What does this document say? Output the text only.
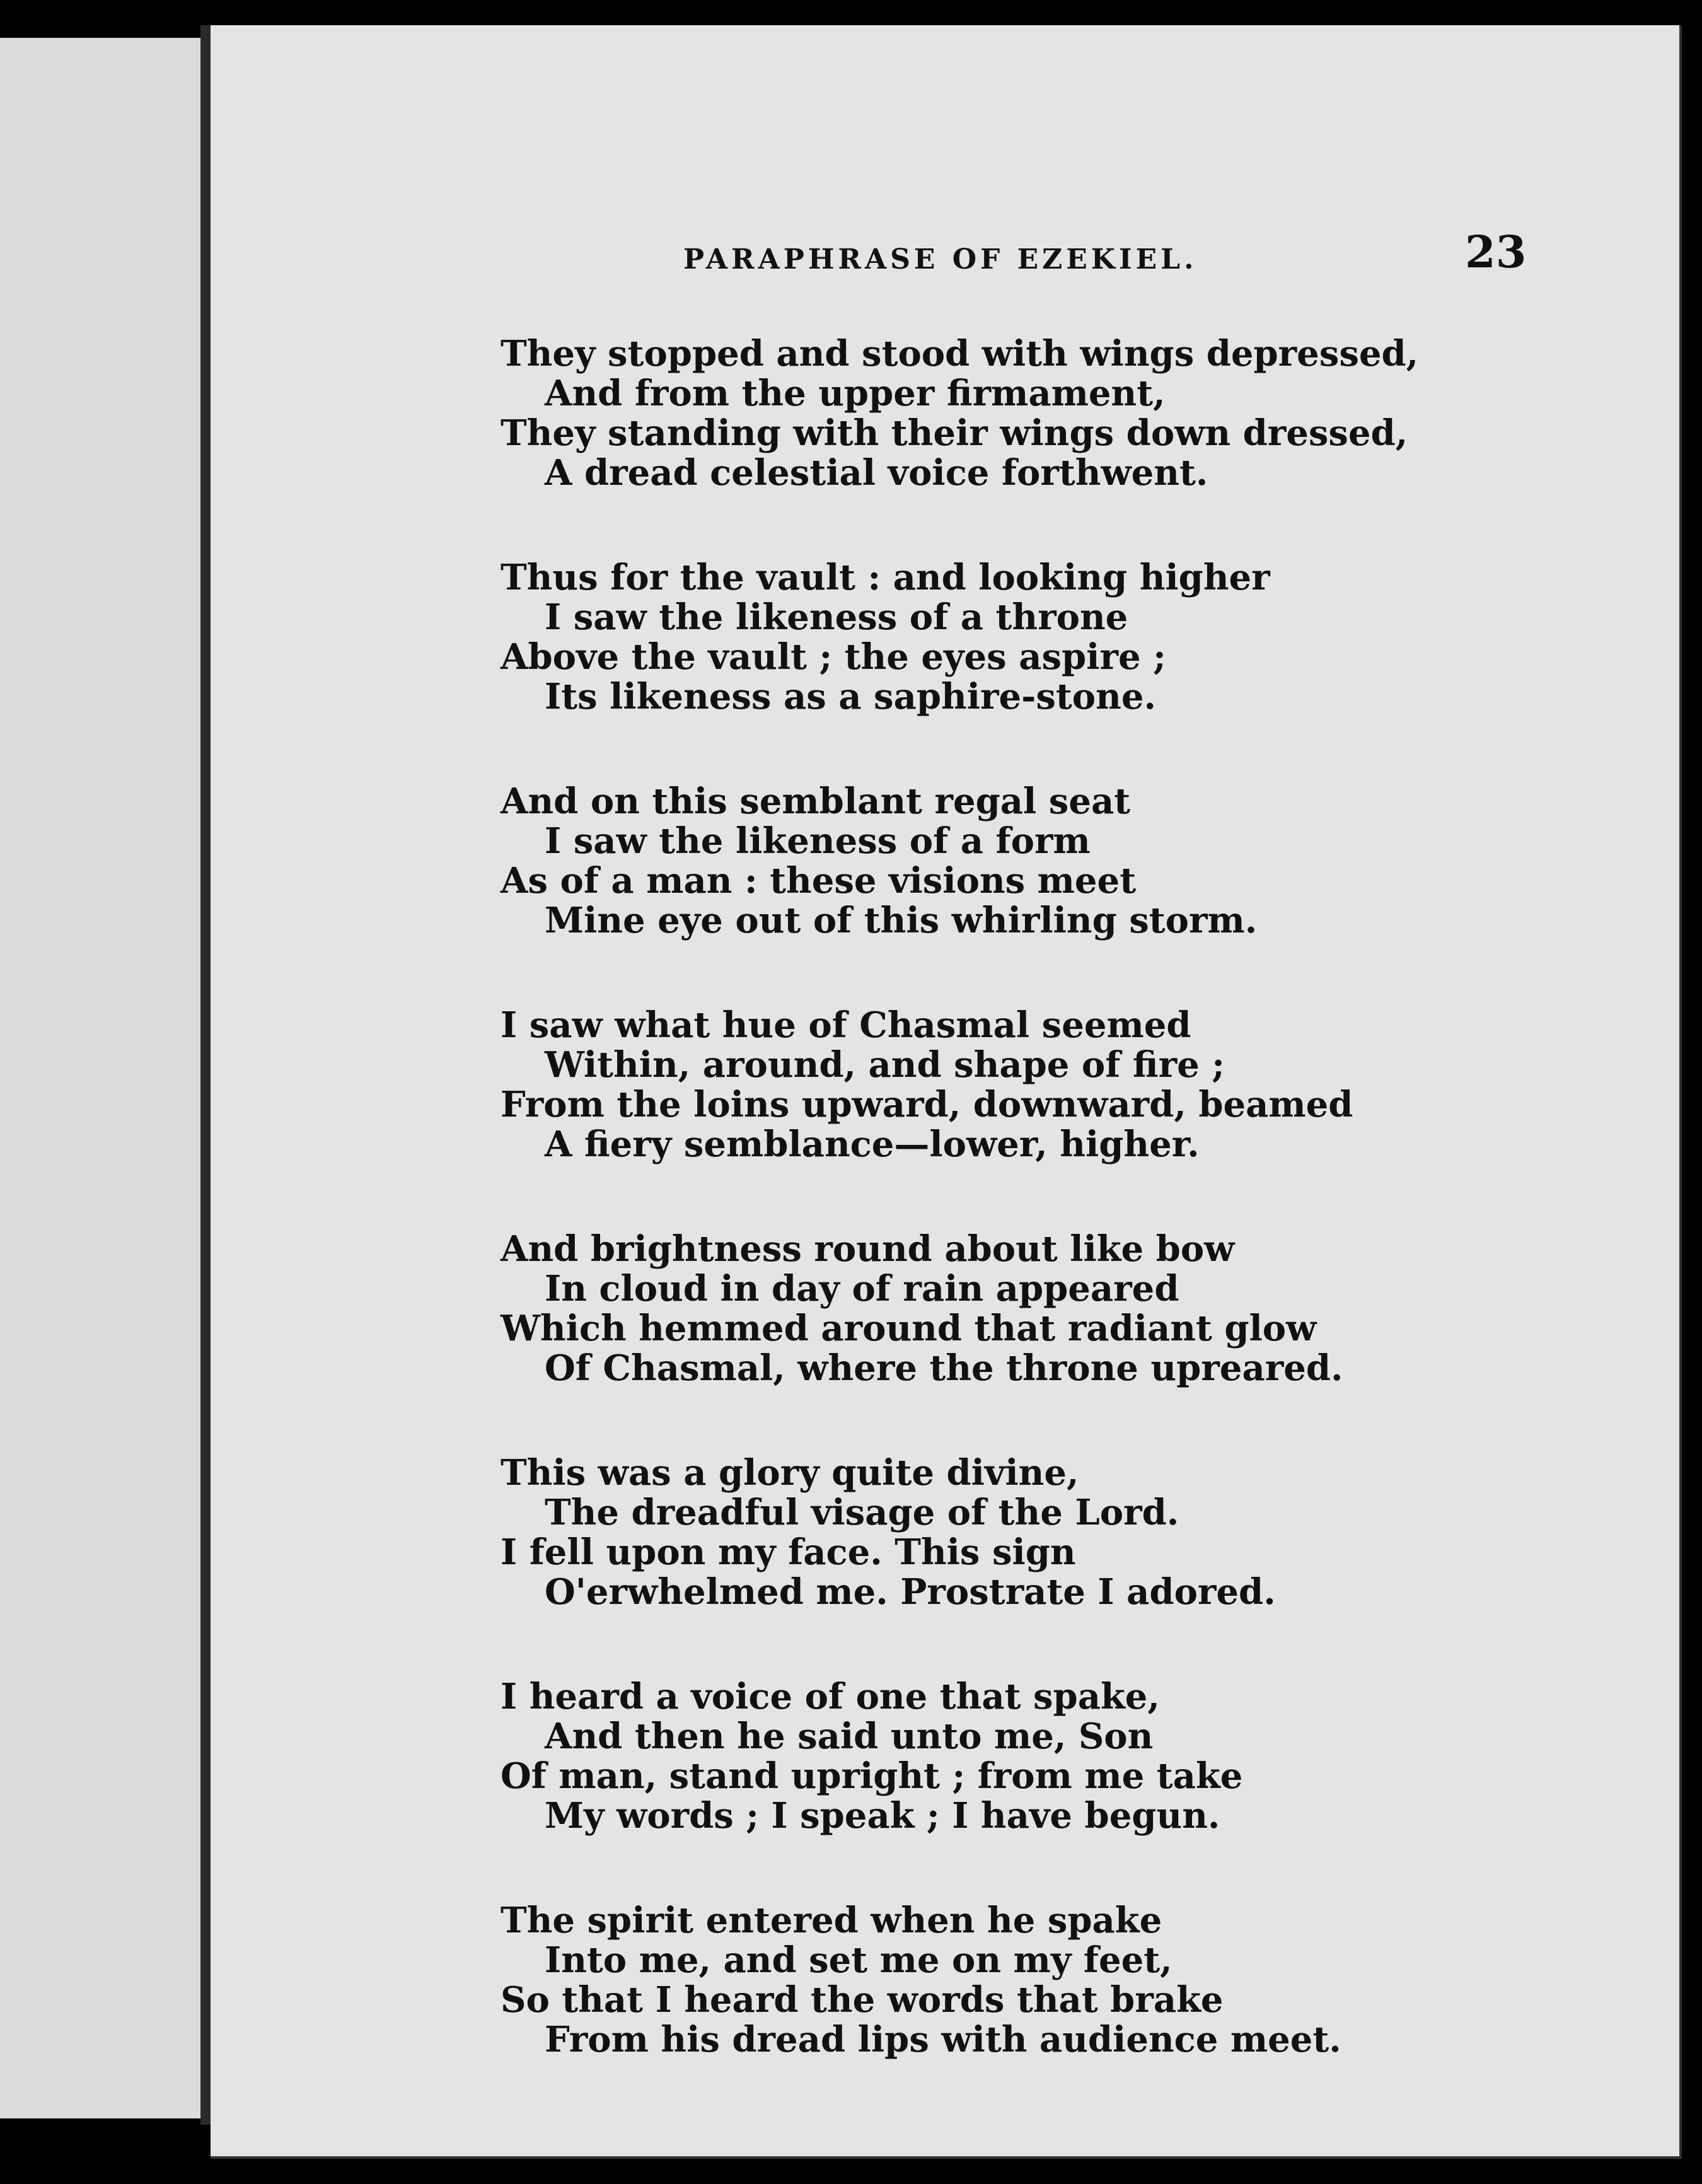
PARAPHRASE OF EZEKIEL.	23
They stopped and stood with wings depressed,
And from the upper firmament,
They standing with their wings down dressed,
A dread celestial voice forthwent.
Thus for the vault : and looking higher
I saw the likeness of a throne
Above the vault ; the eyes aspire ;
Its likeness as a saphire-stone.
And on this semblant regal seat
I saw the likeness of a form
As of a man : these visions meet
Mine eye out of this whirling storm.
I saw what hue of Chasmal seemed
Within, around, and shape of fire ;
From the loins upward, downward, beamed
A fiery semblance—lower, higher.
And brightness round about like bow
In cloud in day of rain appeared
Which hemmed around that radiant glow
Of Chasmal, where the throne upreared.
This was a glory quite divine,
The dreadful visage of the Lord.
I fell upon my face. This sign
O'erwhelmed me. Prostrate I adored.
I heard a voice of one that spake,
And then he said unto me, Son
Of man, stand upright ; from me take
My words ; I speak ; I have begun.
The spirit entered when he spake
Into me, and set me on my feet,
So that I heard the words that brake
From his dread lips with audience meet.
